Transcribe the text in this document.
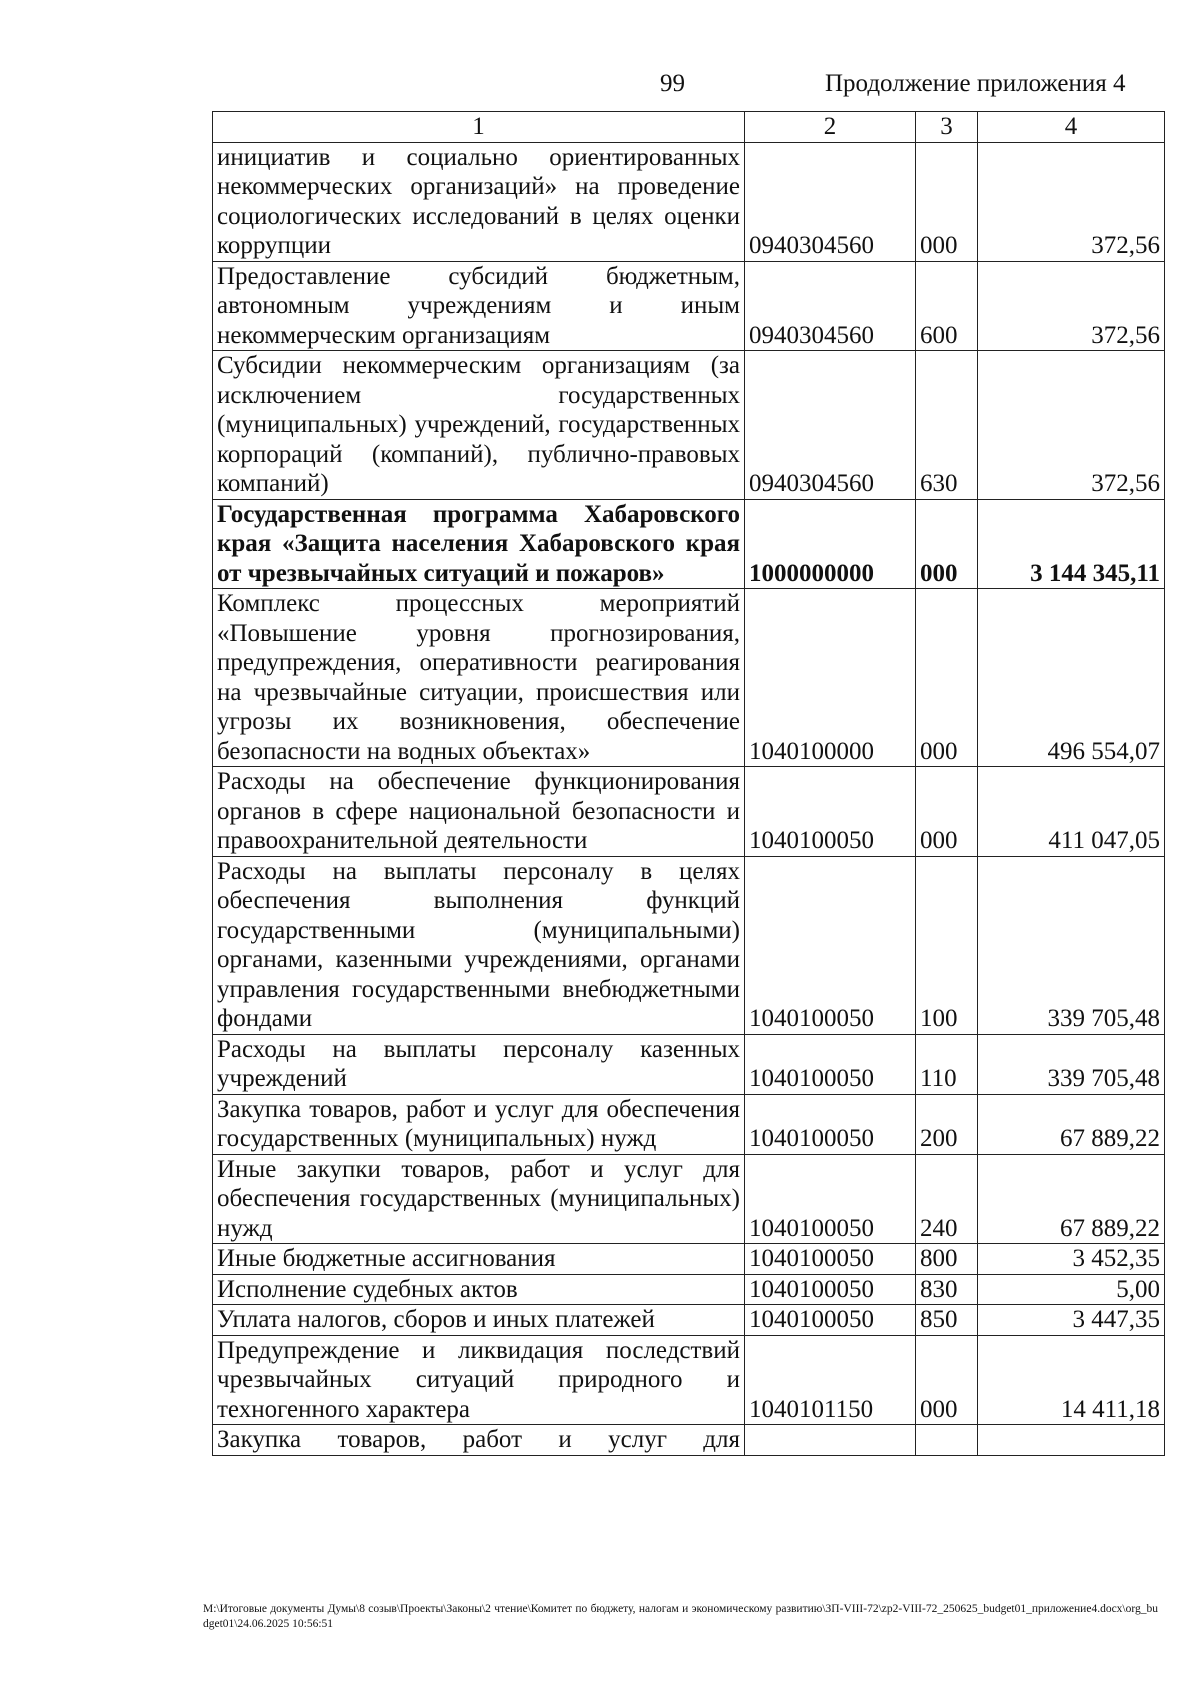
99	Продолжение приложения 4
1	2	3	4
инициатив и социально ориентированных некоммерческих организаций» на проведение социологических исследований в целях оценки коррупции	0940304560	000	372,56
Предоставление субсидий бюджетным, автономным учреждениям и иным некоммерческим организациям	0940304560	600	372,56
Субсидии некоммерческим организациям (за исключением государственных (муниципальных) учреждений, государственных корпораций (компаний), публично-правовых компаний)	0940304560	630	372,56
Государственная программа Хабаровского края «Защита населения Хабаровского края от чрезвычайных ситуаций и пожаров»	1000000000	000	3 144 345,11
Комплекс процессных мероприятий «Повышение уровня прогнозирования, предупреждения, оперативности реагирования на чрезвычайные ситуации, происшествия или угрозы их возникновения, обеспечение безопасности на водных объектах»	1040100000	000	496 554,07
Расходы на обеспечение функционирования органов в сфере национальной безопасности и правоохранительной деятельности	1040100050	000	411 047,05
Расходы на выплаты персоналу в целях обеспечения выполнения функций государственными (муниципальными) органами, казенными учреждениями, органами управления государственными внебюджетными фондами	1040100050	100	339 705,48
Расходы на выплаты персоналу казенных учреждений	1040100050	110	339 705,48
Закупка товаров, работ и услуг для обеспечения государственных (муниципальных) нужд	1040100050	200	67 889,22
Иные закупки товаров, работ и услуг для обеспечения государственных (муниципальных) нужд	1040100050	240	67 889,22
Иные бюджетные ассигнования	1040100050	800	3 452,35
Исполнение судебных актов	1040100050	830	5,00
Уплата налогов, сборов и иных платежей	1040100050	850	3 447,35
Предупреждение и ликвидация последствий чрезвычайных ситуаций природного и техногенного характера	1040101150	000	14 411,18
Закупка товаров, работ и услуг для			
M:\Итоговые документы Думы\8 созыв\Проекты\Законы\2 чтение\Комитет по бюджету, налогам и экономическому развитию\ЗП-VIII-72\zp2-VIII-72_250625_budget01_приложение4.docx\org_budget01\24.06.2025 10:56:51
